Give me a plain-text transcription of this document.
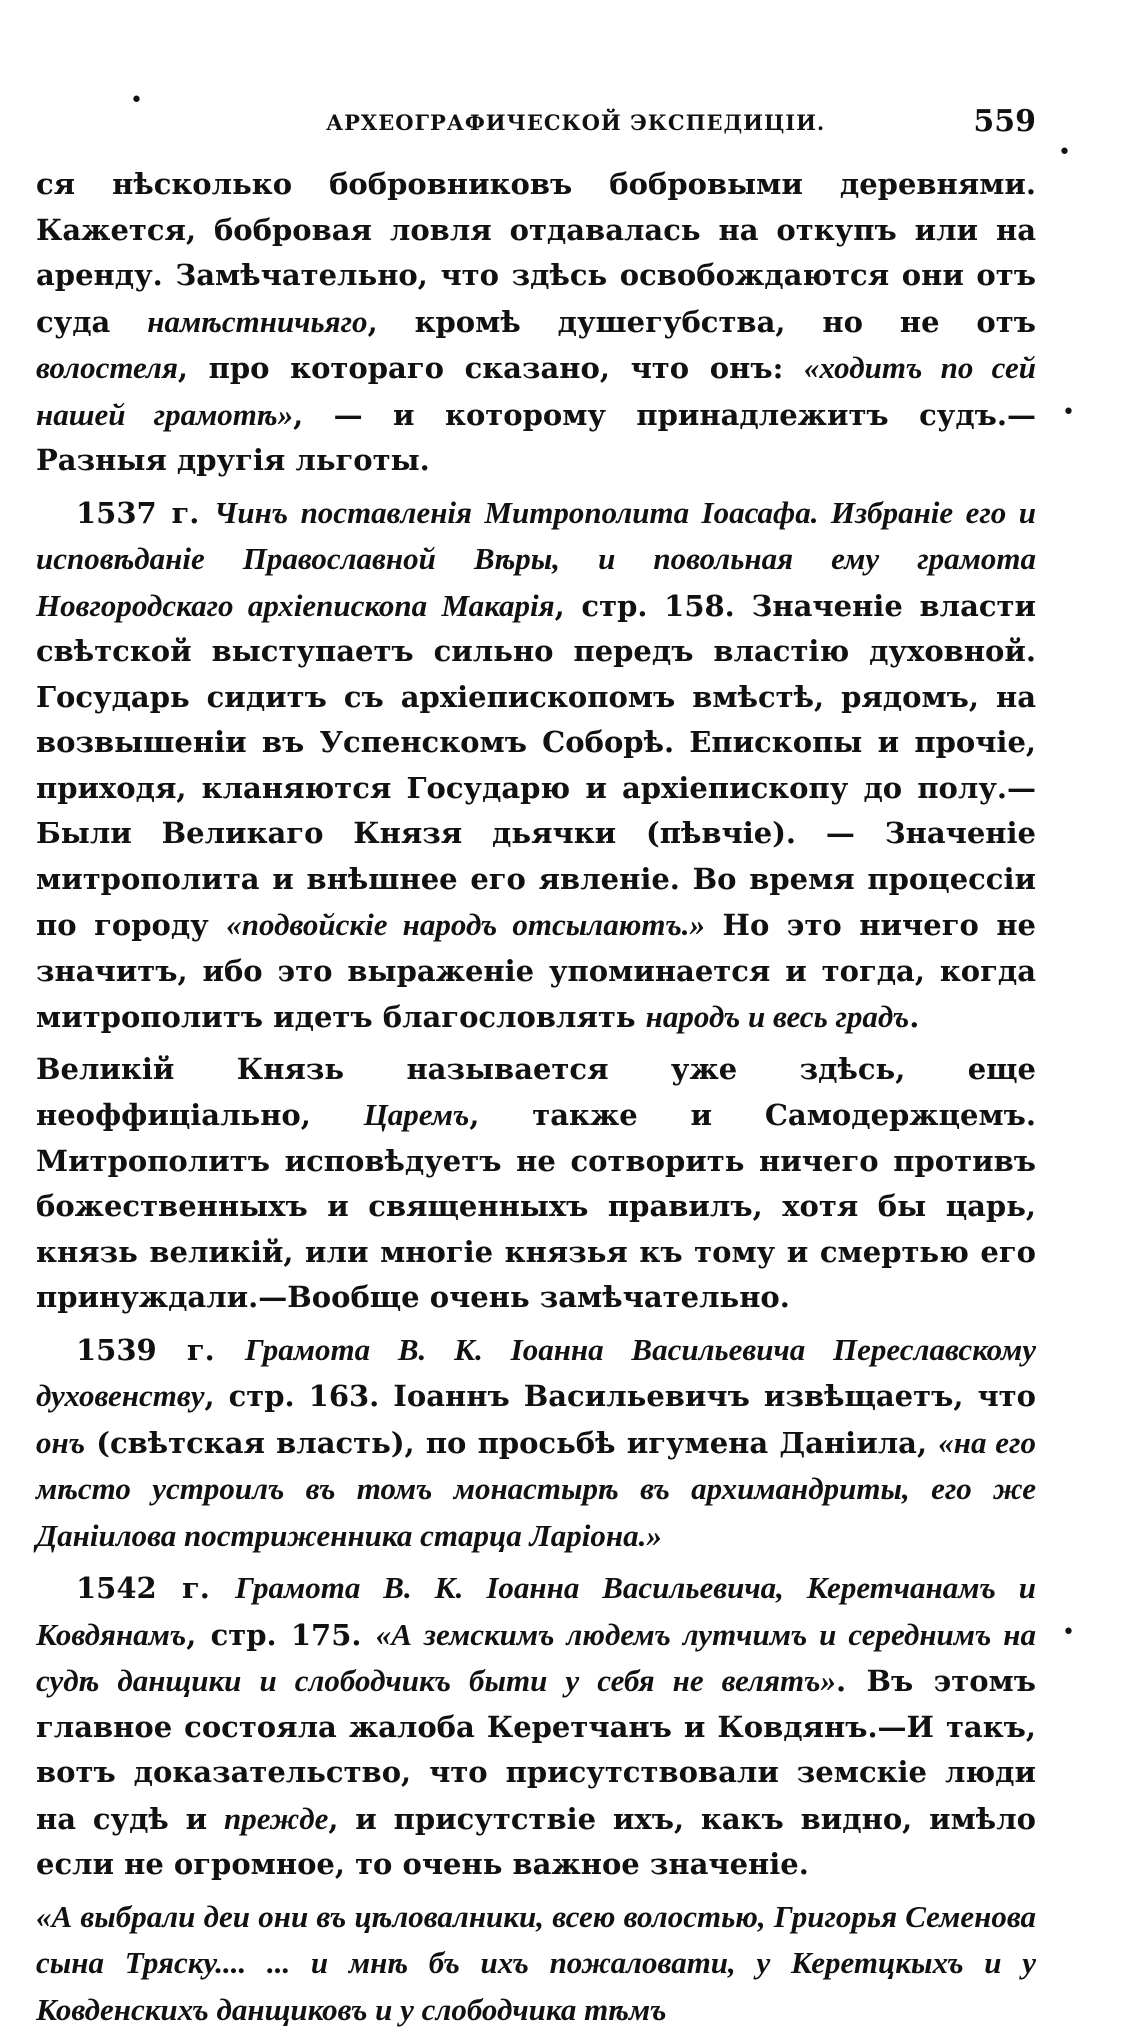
АРХЕОГРАФИЧЕСКОЙ ЭКСПЕДИЦІИ.	559

ся нѣсколько бобровниковъ бобровыми деревнями. Кажется, бобровая ловля отдавалась на откупъ или на аренду. Замѣчательно, что здѣсь освобождаются они отъ суда намѣстничьяго, кромѣ душегубства, но не отъ волостеля, про котораго сказано, что онъ: «ходитъ по сей нашей грамотѣ», — и которому принадлежитъ судъ.—Разныя другія льготы.

1537 г. Чинъ поставленія Митрополита Іоасафа. Избраніе его и исповѣданіе Православной Вѣры, и повольная ему грамота Новгородскаго архіепископа Макарія, стр. 158. Значеніе власти свѣтской выступаетъ сильно передъ властію духовной. Государь сидитъ съ архіепископомъ вмѣстѣ, рядомъ, на возвышеніи въ Успенскомъ Соборѣ. Епископы и прочіе, приходя, кланяются Государю и архіепископу до полу.—Были Великаго Князя дьячки (пѣвчіе). — Значеніе митрополита и внѣшнее его явленіе. Во время процессіи по городу «подвойскіе народъ отсылаютъ.» Но это ничего не значитъ, ибо это выраженіе упоминается и тогда, когда митрополитъ идетъ благословлять народъ и весь градъ.

Великій Князь называется уже здѣсь, еще неоффиціально, Царемъ, также и Самодержцемъ. Митрополитъ исповѣдуетъ не сотворить ничего противъ божественныхъ и священныхъ правилъ, хотя бы царь, князь великій, или многіе князья къ тому и смертью его принуждали.—Вообще очень замѣчательно.

1539 г. Грамота В. К. Іоанна Васильевича Переславскому духовенству, стр. 163. Іоаннъ Васильевичъ извѣщаетъ, что онъ (свѣтская власть), по просьбѣ игумена Даніила, «на его мѣсто устроилъ въ томъ монастырѣ въ архимандриты, его же Даніилова постриженника старца Ларіона.»

1542 г. Грамота В. К. Іоанна Васильевича, Керетчанамъ и Ковдянамъ, стр. 175. «А земскимъ людемъ лутчимъ и середнимъ на судѣ данщики и слободчикъ быти у себя не велятъ». Въ этомъ главное состояла жалоба Керетчанъ и Ковдянъ.—И такъ, вотъ доказательство, что присутствовали земскіе люди на судѣ и прежде, и присутствіе ихъ, какъ видно, имѣло если не огромное, то очень важное значеніе.

«А выбрали деи они въ цѣловалники, всею волостью, Григорья Семенова сына Тряску.... ... и мнѣ бъ ихъ пожаловати, у Керетцкыхъ и у Ковденскихъ данщиковъ и у слободчика тѣмъ

•
•
•
•
